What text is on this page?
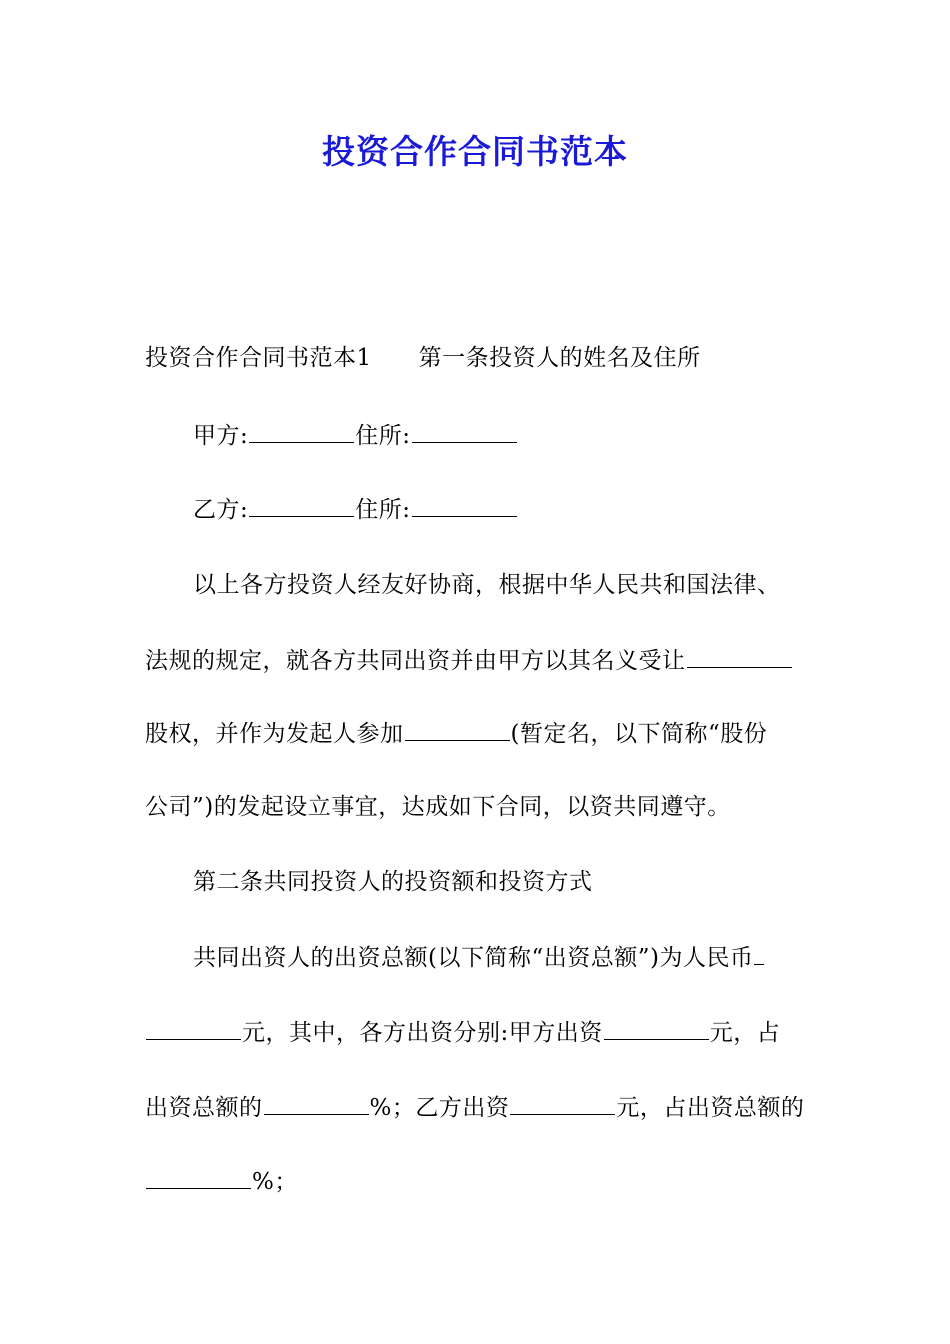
投资合作合同书范本
投资合作合同书范本1　　第一条投资人的姓名及住所
甲方:	住所:
乙方:	住所:
以上各方投资人经友好协商，根据中华人民共和国法律、
法规的规定，就各方共同出资并由甲方以其名义受让
股权，并作为发起人参加	(暂定名，以下简称“股份
公司”)的发起设立事宜，达成如下合同，以资共同遵守。
第二条共同投资人的投资额和投资方式
共同出资人的出资总额(以下简称“出资总额”)为人民币
元，其中，各方出资分别:甲方出资	元，占
出资总额的	%；乙方出资	元，占出资总额的
%；
